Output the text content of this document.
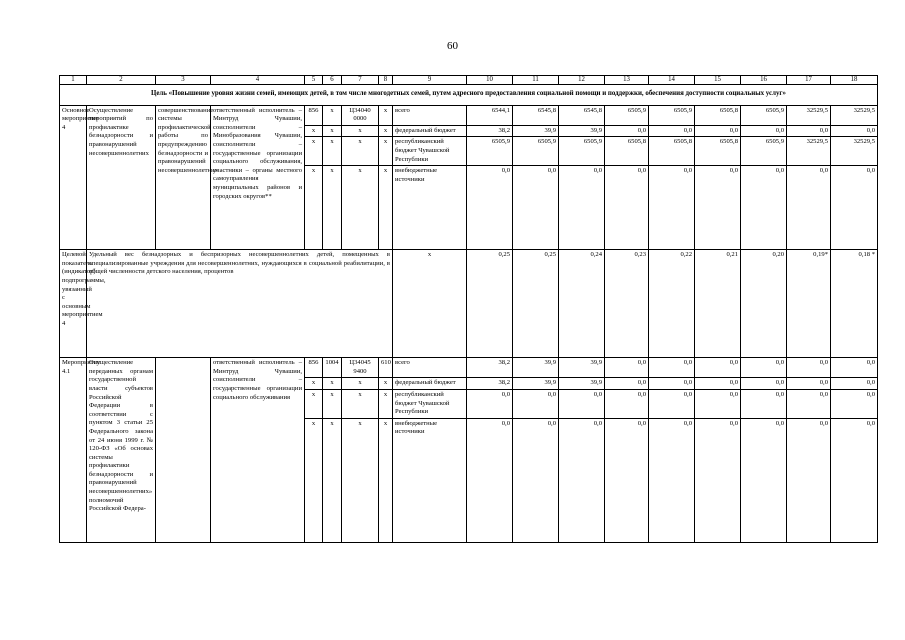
60
1	2	3	4	5	6	7	8	9	10	11	12	13	14	15	16	17	18
Цель «Повышение уровня жизни семей, имеющих детей, в том числе многодетных семей, путем адресного предоставления социальной помощи и поддержки, обеспечения доступности социальных услуг»																	
Основное мероприятие 4	Осуществление мероприятий по профилактике безнадзорности и правонарушений несовершеннолетних	совершенствование системы профилактической работы по предупреждению безнадзорности и правонарушений несовершеннолетних	ответственный исполнитель – Минтруд Чувашии, соисполнители – Минобразования Чувашии, соисполнители – государственные организации социального обслуживания, участники – органы местного самоуправления муниципальных районов и городских округов**	856	х	Ц34040 0000	х	всего	6544,1	6545,8	6545,8	6505,9	6505,9	6505,8	6505,9	32529,5	32529,5
				х	х	х	х	федеральный бюджет	38,2	39,9	39,9	0,0	0,0	0,0	0,0	0,0	0,0
				х	х	х	х	республиканский бюджет Чувашской Республики	6505,9	6505,9	6505,9	6505,8	6505,8	6505,8	6505,9	32529,5	32529,5
				х	х	х	х	внебюджетные источники	0,0	0,0	0,0	0,0	0,0	0,0	0,0	0,0	0,0
Целевой показатель (индикатор) подпрограммы, увязанный с основным мероприятием 4	Удельный вес безнадзорных и беспризорных несовершеннолетних детей, помещенных в специализированные учреждения для несовершеннолетних, нуждающихся в социальной реабилитации, в общей численности детского населения, процентов							х	0,25	0,25	0,24	0,23	0,22	0,21	0,20	0,19*	0,18 *
Мероприятие 4.1	Осуществление переданных органам государственной власти субъектов Российской Федерации в соответствии с пунктом 3 статьи 25 Федерального закона от 24 июня 1999 г. № 120-ФЗ «Об основах системы профилактики безнадзорности и правонарушений несовершеннолетних» полномочий Российской Федера-		ответственный исполнитель – Минтруд Чувашии, соисполнители – государственные организации социального обслуживания	856	1004	Ц34045 9400	610	всего	38,2	39,9	39,9	0,0	0,0	0,0	0,0	0,0	0,0
				х	х	х	х	федеральный бюджет	38,2	39,9	39,9	0,0	0,0	0,0	0,0	0,0	0,0
				х	х	х	х	республиканский бюджет Чувашской Республики	0,0	0,0	0,0	0,0	0,0	0,0	0,0	0,0	0,0
				х	х	х	х	внебюджетные источники	0,0	0,0	0,0	0,0	0,0	0,0	0,0	0,0	0,0
